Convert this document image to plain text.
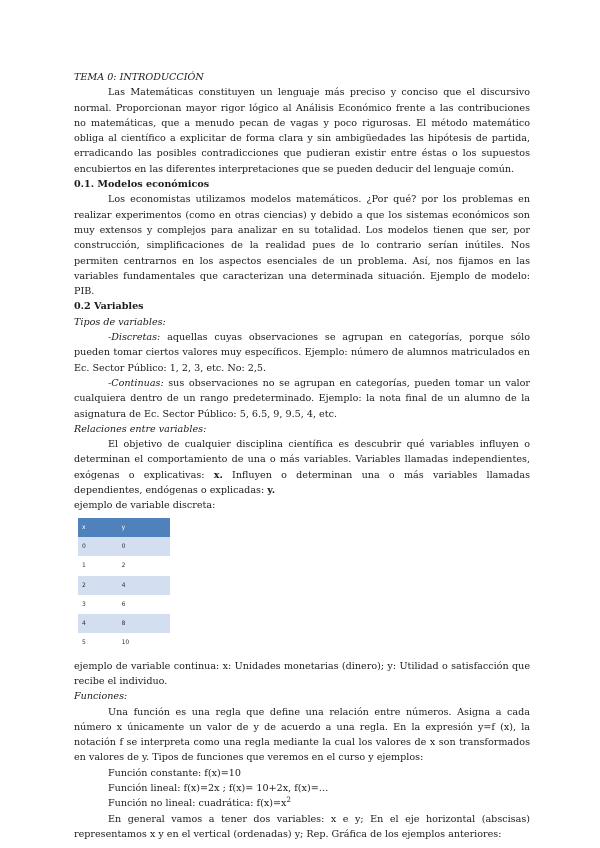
TEMA 0: INTRODUCCIÓN

Las Matemáticas constituyen un lenguaje más preciso y conciso que el discursivo normal. Proporcionan mayor rigor lógico al Análisis Económico frente a las contribuciones no matemáticas, que a menudo pecan de vagas y poco rigurosas. El método matemático obliga al científico a explicitar de forma clara y sin ambigüedades las hipótesis de partida, erradicando las posibles contradicciones que pudieran existir entre éstas o los supuestos encubiertos en las diferentes interpretaciones que se pueden deducir del lenguaje común.

0.1. Modelos económicos

Los economistas utilizamos modelos matemáticos. ¿Por qué? por los problemas en realizar experimentos (como en otras ciencias) y debido a que los sistemas económicos son muy extensos y complejos para analizar en su totalidad. Los modelos tienen que ser, por construcción, simplificaciones de la realidad pues de lo contrario serían inútiles. Nos permiten centrarnos en los aspectos esenciales de un problema. Así, nos fijamos en las variables fundamentales que caracterizan una determinada situación. Ejemplo de modelo: PIB.

0.2 Variables

Tipos de variables:

-Discretas: aquellas cuyas observaciones se agrupan en categorías, porque sólo pueden tomar ciertos valores muy específicos. Ejemplo: número de alumnos matriculados en Ec. Sector Público: 1, 2, 3, etc. No: 2,5.

-Continuas: sus observaciones no se agrupan en categorías, pueden tomar un valor cualquiera dentro de un rango predeterminado. Ejemplo: la nota final de un alumno de la asignatura de Ec. Sector Público: 5, 6.5, 9, 9.5, 4, etc.

Relaciones entre variables:

El objetivo de cualquier disciplina científica es descubrir qué variables influyen o determinan el comportamiento de una o más variables. Variables llamadas independientes, exógenas o explicativas: x. Influyen o determinan una o más variables llamadas dependientes, endógenas o explicadas: y.

ejemplo de variable discreta:

x	y
0	0
1	2
2	4
3	6
4	8
5	10

ejemplo de variable continua: x: Unidades monetarias (dinero); y: Utilidad o satisfacción que recibe el individuo.

Funciones:

Una función es una regla que define una relación entre números. Asigna a cada número x únicamente un valor de y de acuerdo a una regla. En la expresión y=f (x), la notación f se interpreta como una regla mediante la cual los valores de x son transformados en valores de y. Tipos de funciones que veremos en el curso y ejemplos:

Función constante: f(x)=10

Función lineal: f(x)=2x ; f(x)= 10+2x, f(x)=…

Función no lineal: cuadrática: $f(x)=x^2$

En general vamos a tener dos variables: x e y; En el eje horizontal (abscisas) representamos x y en el vertical (ordenadas) y; Rep. Gráfica de los ejemplos anteriores:
